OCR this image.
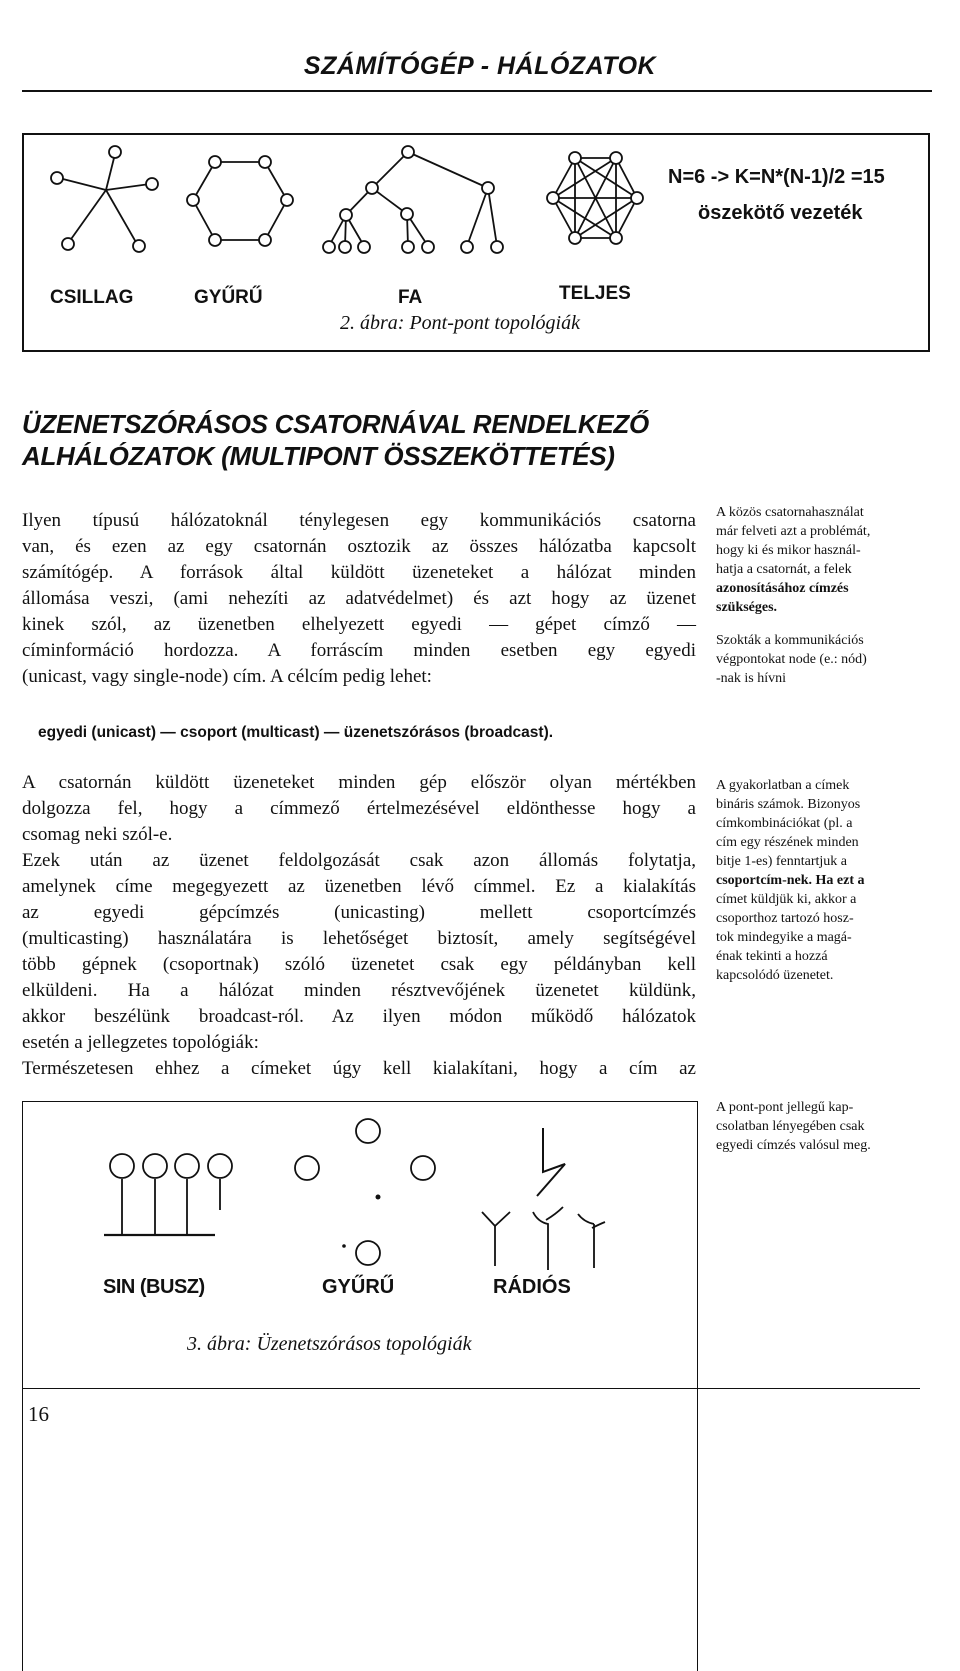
SZÁMÍTÓGÉP - HÁLÓZATOK
N=6 -> K=N*(N-1)/2 =15
öszekötő vezeték
CSILLAG	GYŰRŰ	FA	TELJES
2. ábra: Pont-pont topológiák
ÜZENETSZÓRÁSOS CSATORNÁVAL RENDELKEZŐ
ALHÁLÓZATOK (MULTIPONT ÖSSZEKÖTTETÉS)
Ilyen típusú hálózatoknál ténylegesen egy kommunikációs csatorna
van, és ezen az egy csatornán osztozik az összes hálózatba kapcsolt
számítógép. A források által küldött üzeneteket a hálózat minden
állomása veszi, (ami nehezíti az adatvédelmet) és azt hogy az üzenet
kinek szól, az üzenetben elhelyezett egyedi — gépet címző —
címinformáció hordozza. A forráscím minden esetben egy egyedi
(unicast, vagy single-node) cím. A célcím pedig lehet:
egyedi (unicast) — csoport (multicast) — üzenetszórásos (broadcast).
A közös csatornahasználat
már felveti azt a problémát,
hogy ki és mikor használ-
hatja a csatornát, a felek
azonosításához címzés
szükséges.
Szokták a kommunikációs
végpontokat node (e.: nód)
-nak is hívni
A csatornán küldött üzeneteket minden gép először olyan mértékben
dolgozza fel, hogy a címmező értelmezésével eldönthesse hogy a
csomag neki szól-e.
Ezek után az üzenet feldolgozását csak azon állomás folytatja,
amelynek címe megegyezett az üzenetben lévő címmel. Ez a kialakítás
az egyedi gépcímzés (unicasting) mellett csoportcímzés
(multicasting) használatára is lehetőséget biztosít, amely segítségével
több gépnek (csoportnak) szóló üzenetet csak egy példányban kell
elküldeni. Ha a hálózat minden résztvevőjének üzenetet küldünk,
akkor beszélünk broadcast-ról. Az ilyen módon működő hálózatok
esetén a jellegzetes topológiák:
Természetesen ehhez a címeket úgy kell kialakítani, hogy a cím az
A gyakorlatban a címek
bináris számok. Bizonyos
címkombinációkat (pl. a
cím egy részének minden
bitje 1-es) fenntartjuk a
csoportcím-nek. Ha ezt a
címet küldjük ki, akkor a
csoporthoz tartozó hosz-
tok mindegyike a magá-
énak tekinti a hozzá
kapcsolódó üzenetet.
A pont-pont jellegű kap-
csolatban lényegében csak
egyedi címzés valósul meg.
SIN (BUSZ)	GYŰRŰ	RÁDIÓS
3. ábra: Üzenetszórásos topológiák
16
